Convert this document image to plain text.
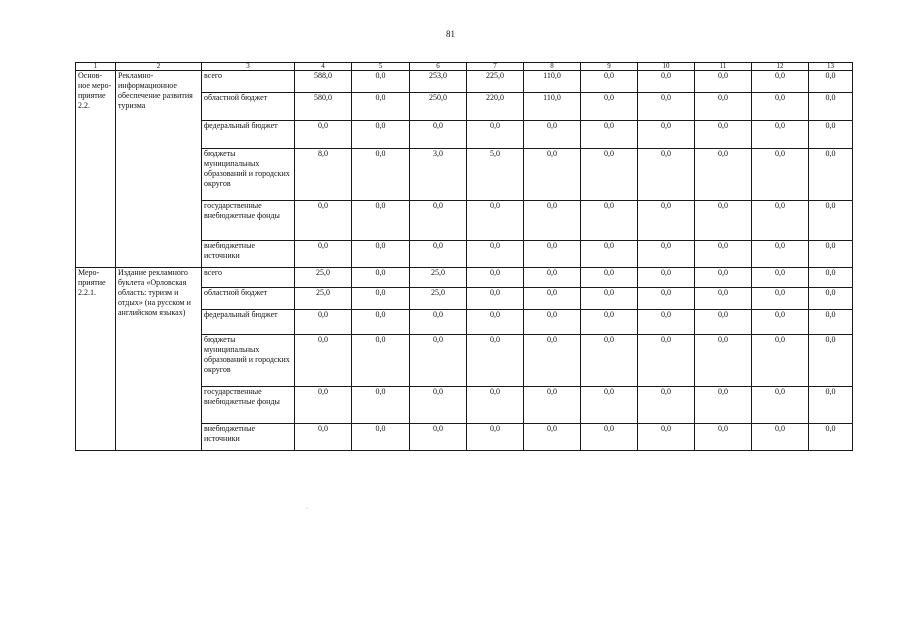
81
1	2	3	4	5	6	7	8	9	10	11	12	13
Основ-ное меро-приятие 2.2.	Рекламно-информационное обеспечение развития туризма	всего	588,0	0,0	253,0	225,0	110,0	0,0	0,0	0,0	0,0	0,0
		областной бюджет	580,0	0,0	250,0	220,0	110,0	0,0	0,0	0,0	0,0	0,0
		федеральный бюджет	0,0	0,0	0,0	0,0	0,0	0,0	0,0	0,0	0,0	0,0
		бюджеты муниципальных образований и городских округов	8,0	0,0	3,0	5,0	0,0	0,0	0,0	0,0	0,0	0,0
		государственные внебюджетные фонды	0,0	0,0	0,0	0,0	0,0	0,0	0,0	0,0	0,0	0,0
		внебюджетные источники	0,0	0,0	0,0	0,0	0,0	0,0	0,0	0,0	0,0	0,0
Меро-приятие 2.2.1.	Издание рекламного буклета «Орловская область: туризм и отдых» (на русском и английском языках)	всего	25,0	0,0	25,0	0,0	0,0	0,0	0,0	0,0	0,0	0,0
		областной бюджет	25,0	0,0	25,0	0,0	0,0	0,0	0,0	0,0	0,0	0,0
		федеральный бюджет	0,0	0,0	0,0	0,0	0,0	0,0	0,0	0,0	0,0	0,0
		бюджеты муниципальных образований и городских округов	0,0	0,0	0,0	0,0	0,0	0,0	0,0	0,0	0,0	0,0
		государственные внебюджетные фонды	0,0	0,0	0,0	0,0	0,0	0,0	0,0	0,0	0,0	0,0
		внебюджетные источники	0,0	0,0	0,0	0,0	0,0	0,0	0,0	0,0	0,0	0,0
·
